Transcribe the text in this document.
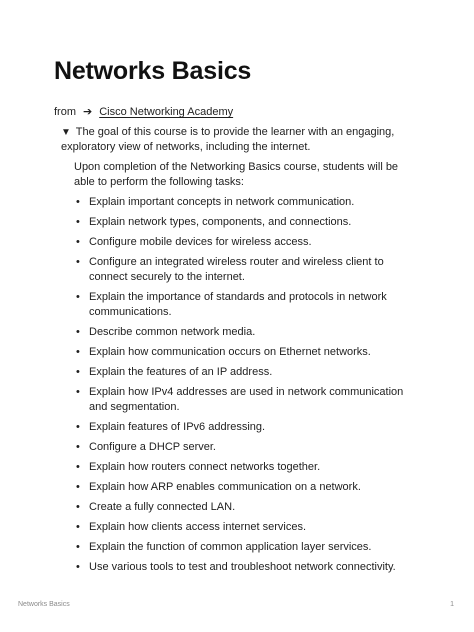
Networks Basics
from ➔ Cisco Networking Academy
▼ The goal of this course is to provide the learner with an engaging, exploratory view of networks, including the internet.

Upon completion of the Networking Basics course, students will be able to perform the following tasks:

• Explain important concepts in network communication.
• Explain network types, components, and connections.
• Configure mobile devices for wireless access.
• Configure an integrated wireless router and wireless client to connect securely to the internet.
• Explain the importance of standards and protocols in network communications.
• Describe common network media.
• Explain how communication occurs on Ethernet networks.
• Explain the features of an IP address.
• Explain how IPv4 addresses are used in network communication and segmentation.
• Explain features of IPv6 addressing.
• Configure a DHCP server.
• Explain how routers connect networks together.
• Explain how ARP enables communication on a network.
• Create a fully connected LAN.
• Explain how clients access internet services.
• Explain the function of common application layer services.
• Use various tools to test and troubleshoot network connectivity.
Networks Basics	1
